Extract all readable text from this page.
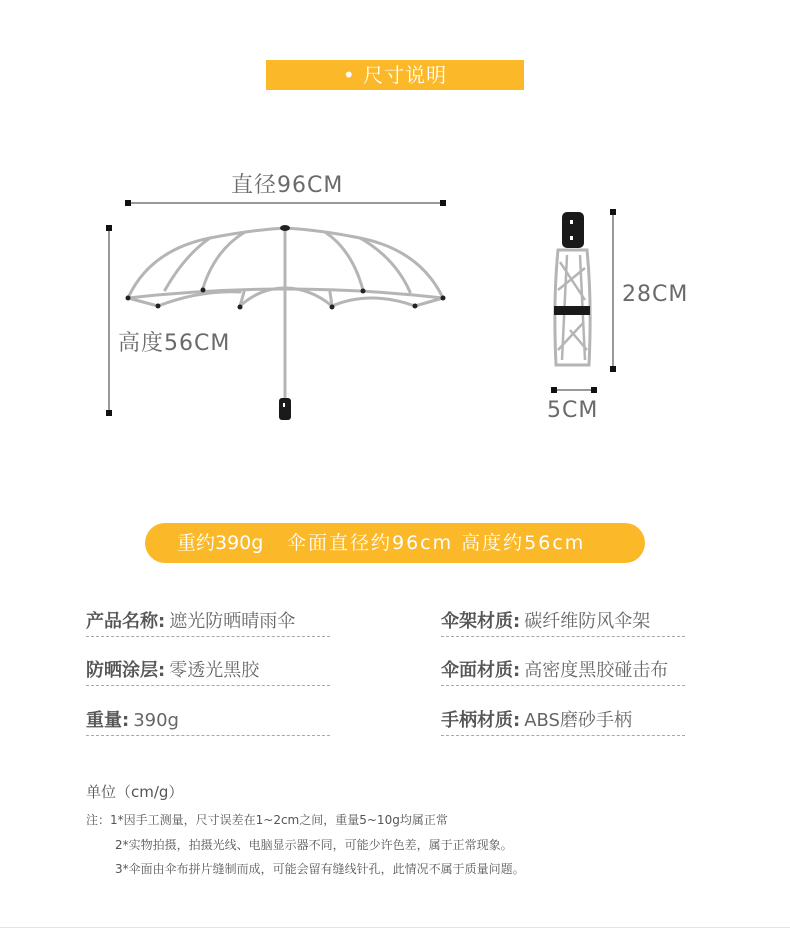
• 尺寸说明
直径96CM
高度56CM
28CM
5CM
重约390g 伞面直径约96cm 高度约56cm
产品名称: 遮光防晒晴雨伞	伞架材质: 碳纤维防风伞架
防晒涂层: 零透光黑胶	伞面材质: 高密度黑胶碰击布
重量: 390g	手柄材质: ABS磨砂手柄
单位（cm/g）
注：1*因手工测量，尺寸误差在1~2cm之间，重量5~10g均属正常
2*实物拍摄，拍摄光线、电脑显示器不同，可能少许色差，属于正常现象。
3*伞面由伞布拼片缝制而成，可能会留有缝线针孔，此情况不属于质量问题。
